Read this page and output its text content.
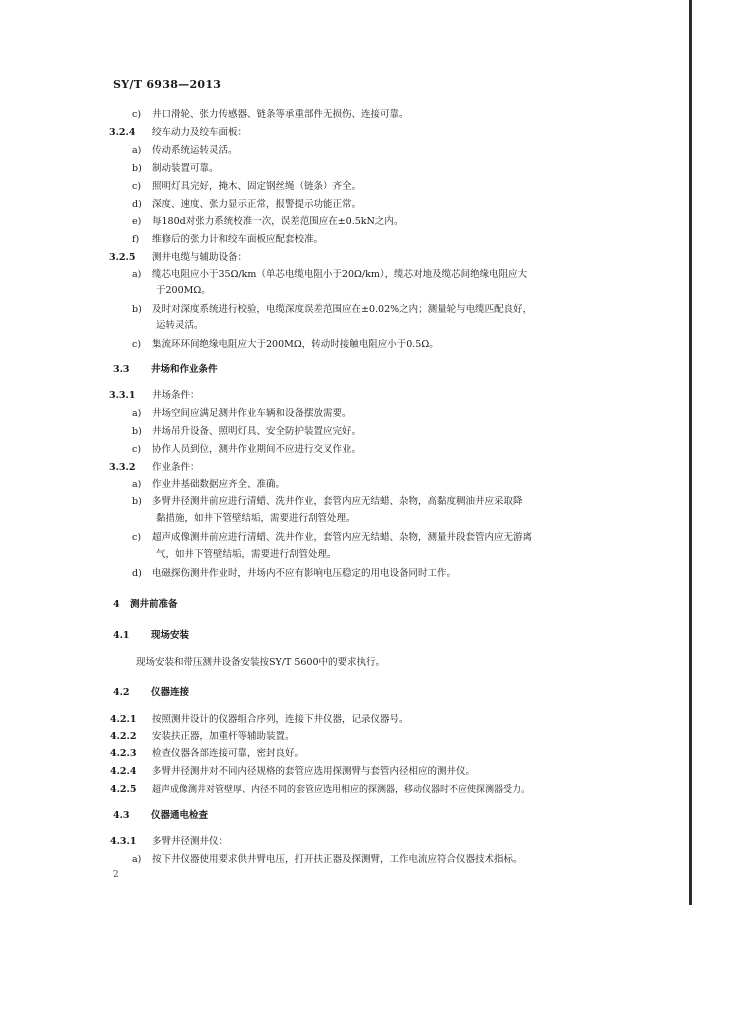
SY/T 6938—2013
c) 井口滑轮、张力传感器、链条等承重部件无损伤、连接可靠。
3.2.4 绞车动力及绞车面板：
a) 传动系统运转灵活。
b) 制动装置可靠。
c) 照明灯具完好，掩木、固定钢丝绳（链条）齐全。
d) 深度、速度、张力显示正常，报警提示功能正常。
e) 每180d对张力系统校准一次，误差范围应在±0.5kN之内。
f) 维修后的张力计和绞车面板应配套校准。
3.2.5 测井电缆与辅助设备：
a) 缆芯电阻应小于35Ω/km（单芯电缆电阻小于20Ω/km），缆芯对地及缆芯间绝缘电阻应大
于200MΩ。
b) 及时对深度系统进行校验，电缆深度误差范围应在±0.02%之内；测量轮与电缆匹配良好，
运转灵活。
c) 集流环环间绝缘电阻应大于200MΩ，转动时接触电阻应小于0.5Ω。
3.3 井场和作业条件
3.3.1 井场条件：
a) 井场空间应满足测井作业车辆和设备摆放需要。
b) 井场吊升设备、照明灯具、安全防护装置应完好。
c) 协作人员到位，测井作业期间不应进行交叉作业。
3.3.2 作业条件：
a) 作业井基础数据应齐全、准确。
b) 多臂井径测井前应进行清蜡、洗井作业，套管内应无结蜡、杂物，高黏度稠油井应采取降
黏措施，如井下管壁结垢，需要进行刮管处理。
c) 超声成像测井前应进行清蜡、洗井作业，套管内应无结蜡、杂物，测量井段套管内应无游离
气，如井下管壁结垢，需要进行刮管处理。
d) 电磁探伤测井作业时，井场内不应有影响电压稳定的用电设备同时工作。
4 测井前准备
4.1 现场安装
现场安装和带压测井设备安装按SY/T 5600中的要求执行。
4.2 仪器连接
4.2.1 按照测井设计的仪器组合序列，连接下井仪器，记录仪器号。
4.2.2 安装扶正器，加重杆等辅助装置。
4.2.3 检查仪器各部连接可靠，密封良好。
4.2.4 多臂井径测井对不同内径规格的套管应选用探测臂与套管内径相应的测井仪。
4.2.5 超声成像测井对管壁厚、内径不同的套管应选用相应的探测器，移动仪器时不应使探测器受力。
4.3 仪器通电检查
4.3.1 多臂井径测井仪：
a) 按下井仪器使用要求供井臂电压，打开扶正器及探测臂，工作电流应符合仪器技术指标。
2
